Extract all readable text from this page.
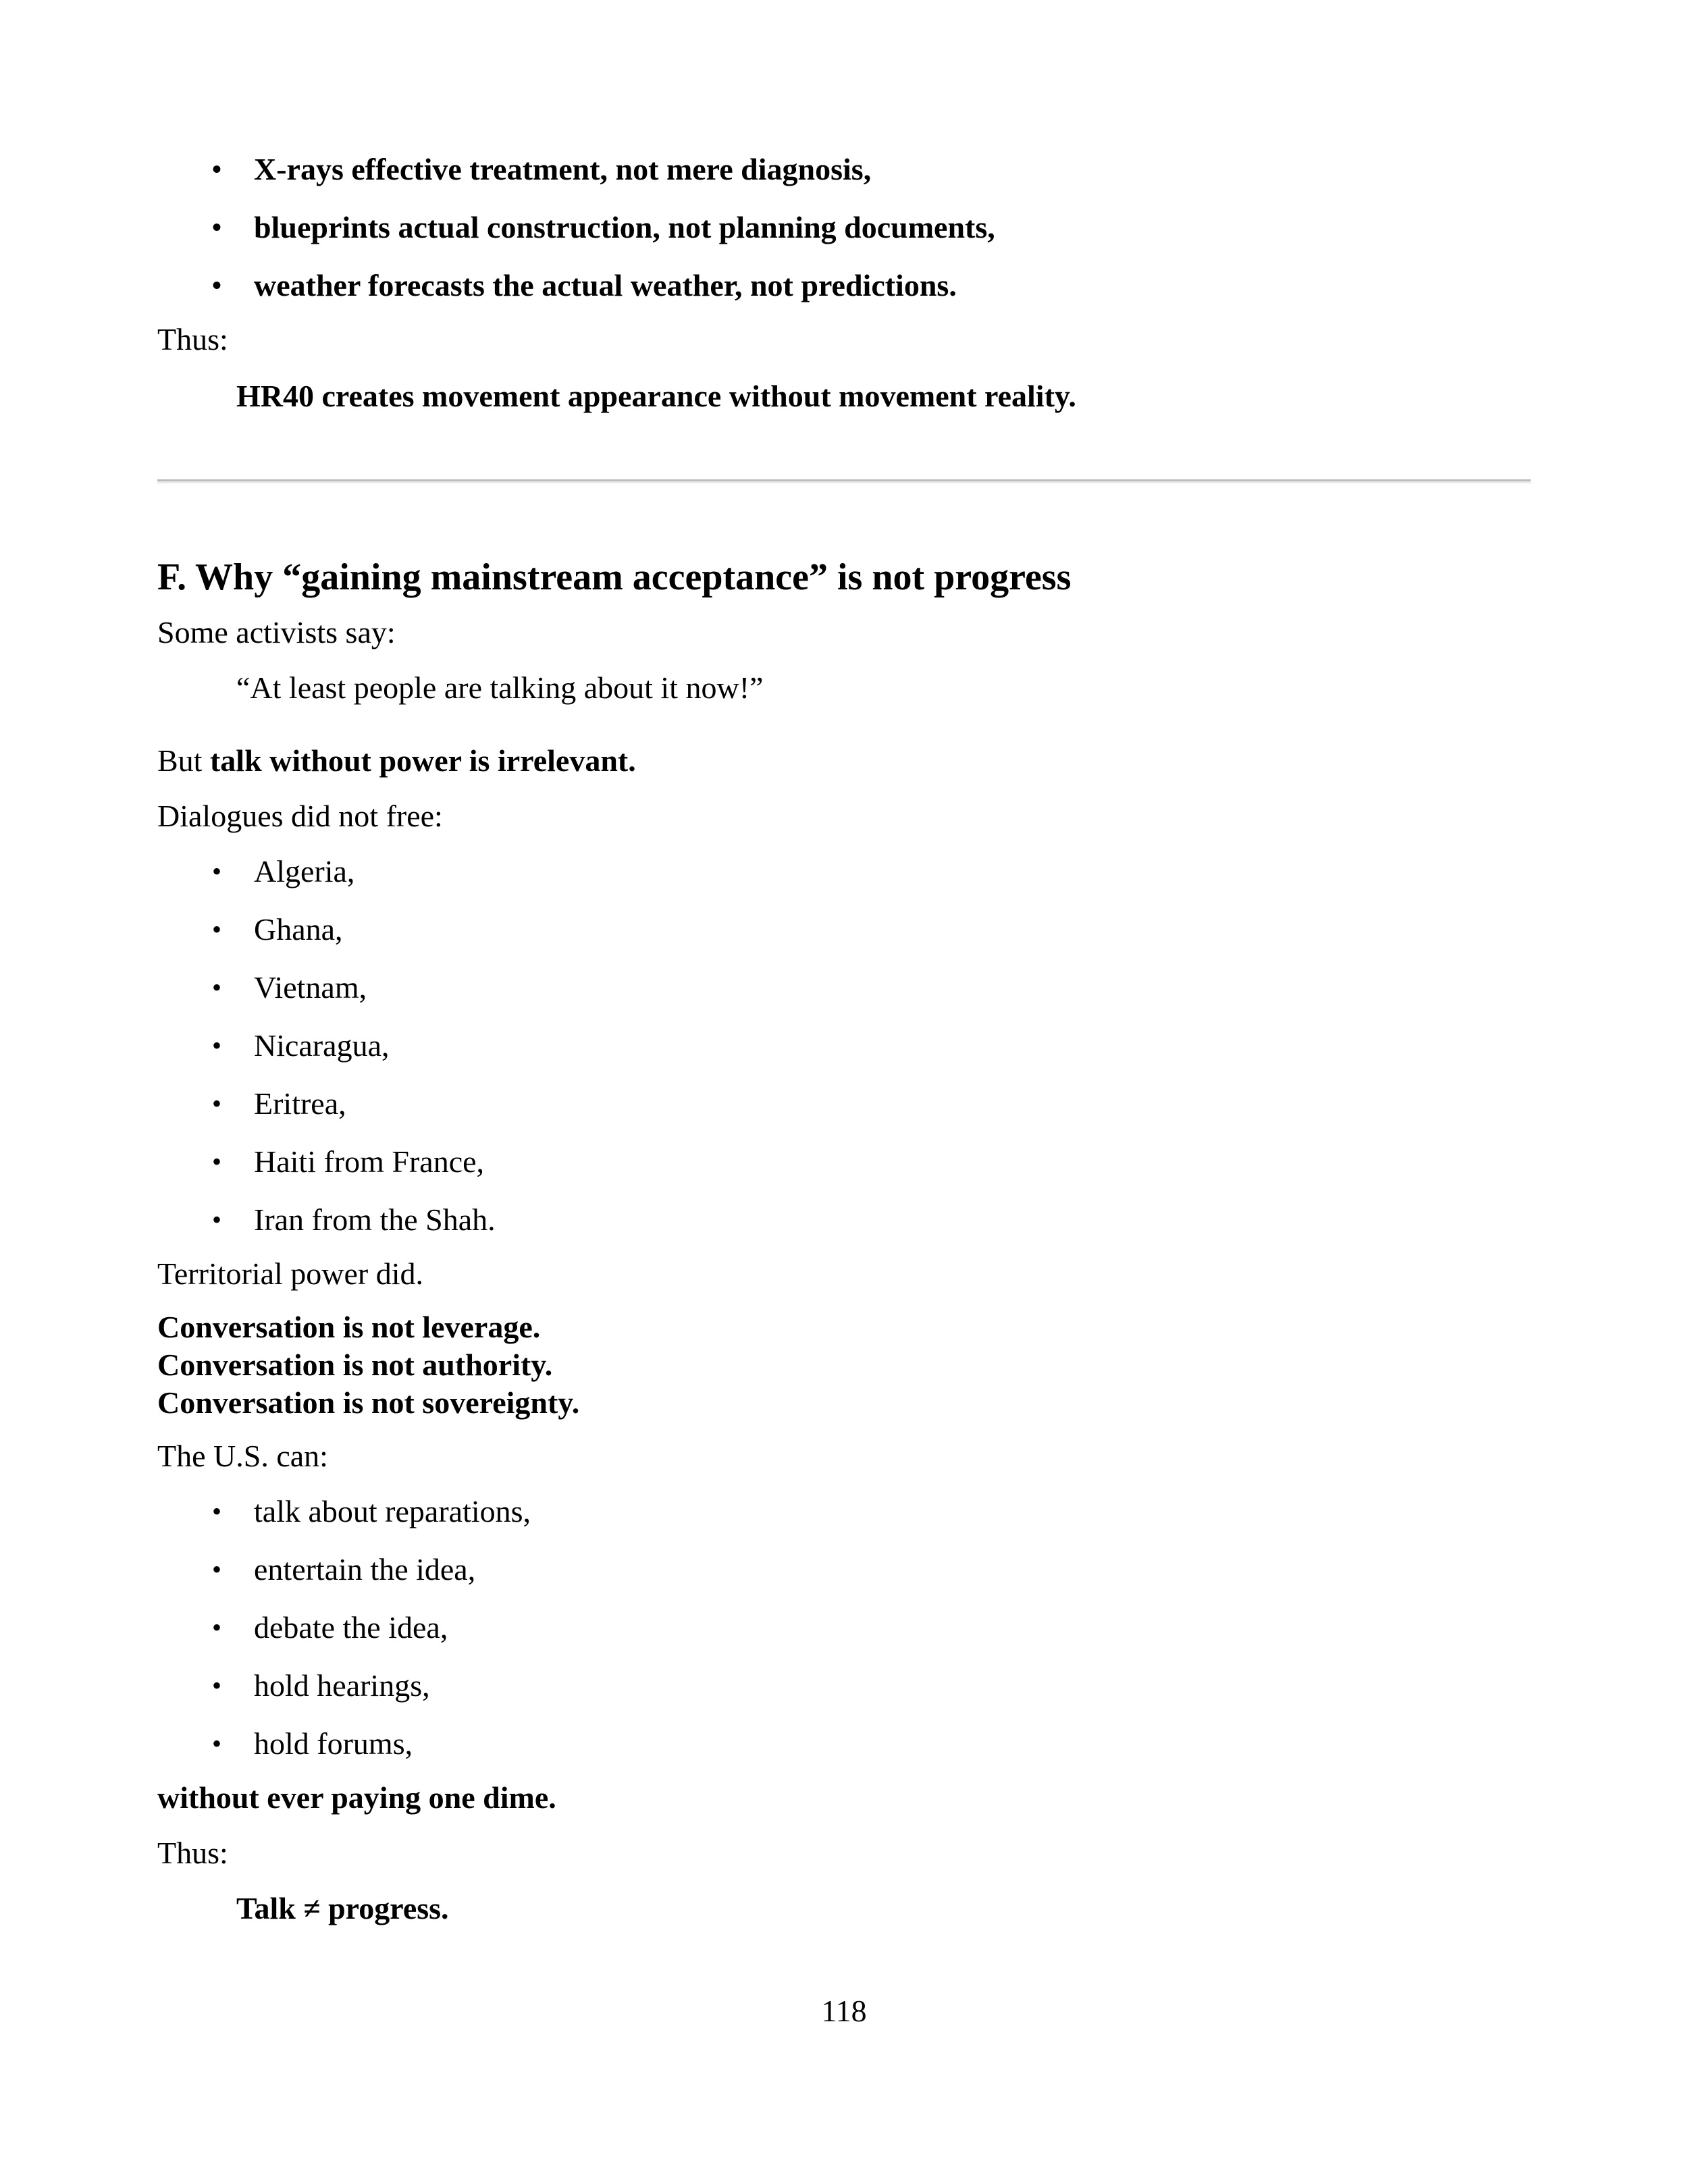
• X-rays effective treatment, not mere diagnosis,
• blueprints actual construction, not planning documents,
• weather forecasts the actual weather, not predictions.

Thus:

HR40 creates movement appearance without movement reality.

F. Why “gaining mainstream acceptance” is not progress

Some activists say:

“At least people are talking about it now!”

But talk without power is irrelevant.

Dialogues did not free:

• Algeria,
• Ghana,
• Vietnam,
• Nicaragua,
• Eritrea,
• Haiti from France,
• Iran from the Shah.

Territorial power did.

Conversation is not leverage.

Conversation is not authority.

Conversation is not sovereignty.

The U.S. can:

• talk about reparations,
• entertain the idea,
• debate the idea,
• hold hearings,
• hold forums,

without ever paying one dime.

Thus:

Talk ≠ progress.

118
